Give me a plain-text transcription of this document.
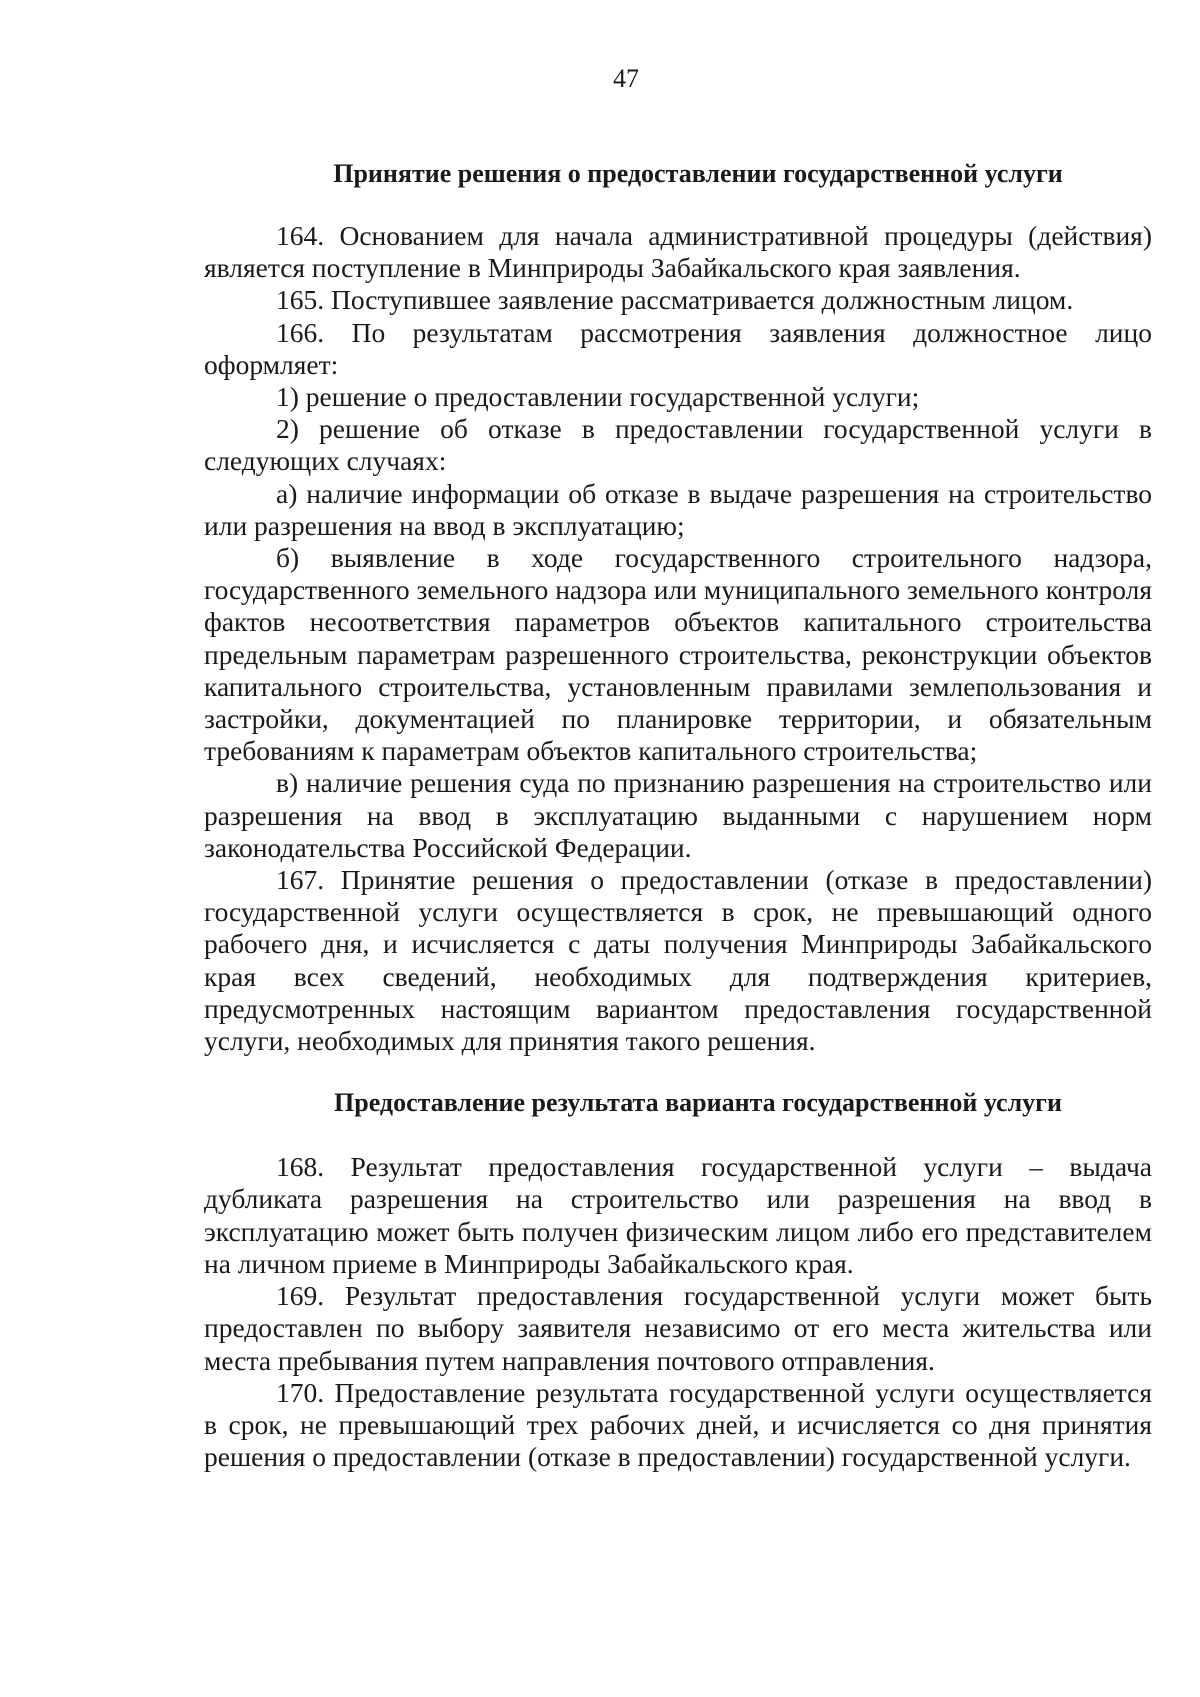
47
Принятие решения о предоставлении государственной услуги

164. Основанием для начала административной процедуры (действия) является поступление в Минприроды Забайкальского края заявления.

165. Поступившее заявление рассматривается должностным лицом.

166. По результатам рассмотрения заявления должностное лицо оформляет:

1) решение о предоставлении государственной услуги;

2) решение об отказе в предоставлении государственной услуги в следующих случаях:

а) наличие информации об отказе в выдаче разрешения на строительство или разрешения на ввод в эксплуатацию;

б) выявление в ходе государственного строительного надзора, государственного земельного надзора или муниципального земельного контроля фактов несоответствия параметров объектов капитального строительства предельным параметрам разрешенного строительства, реконструкции объектов капитального строительства, установленным правилами землепользования и застройки, документацией по планировке территории, и обязательным требованиям к параметрам объектов капитального строительства;

в) наличие решения суда по признанию разрешения на строительство или разрешения на ввод в эксплуатацию выданными с нарушением норм законодательства Российской Федерации.

167. Принятие решения о предоставлении (отказе в предоставлении) государственной услуги осуществляется в срок, не превышающий одного рабочего дня, и исчисляется с даты получения Минприроды Забайкальского края всех сведений, необходимых для подтверждения критериев, предусмотренных настоящим вариантом предоставления государственной услуги, необходимых для принятия такого решения.

Предоставление результата варианта государственной услуги

168. Результат предоставления государственной услуги – выдача дубликата разрешения на строительство или разрешения на ввод в эксплуатацию может быть получен физическим лицом либо его представителем на личном приеме в Минприроды Забайкальского края.

169. Результат предоставления государственной услуги может быть предоставлен по выбору заявителя независимо от его места жительства или места пребывания путем направления почтового отправления.

170. Предоставление результата государственной услуги осуществляется в срок, не превышающий трех рабочих дней, и исчисляется со дня принятия решения о предоставлении (отказе в предоставлении) государственной услуги.
